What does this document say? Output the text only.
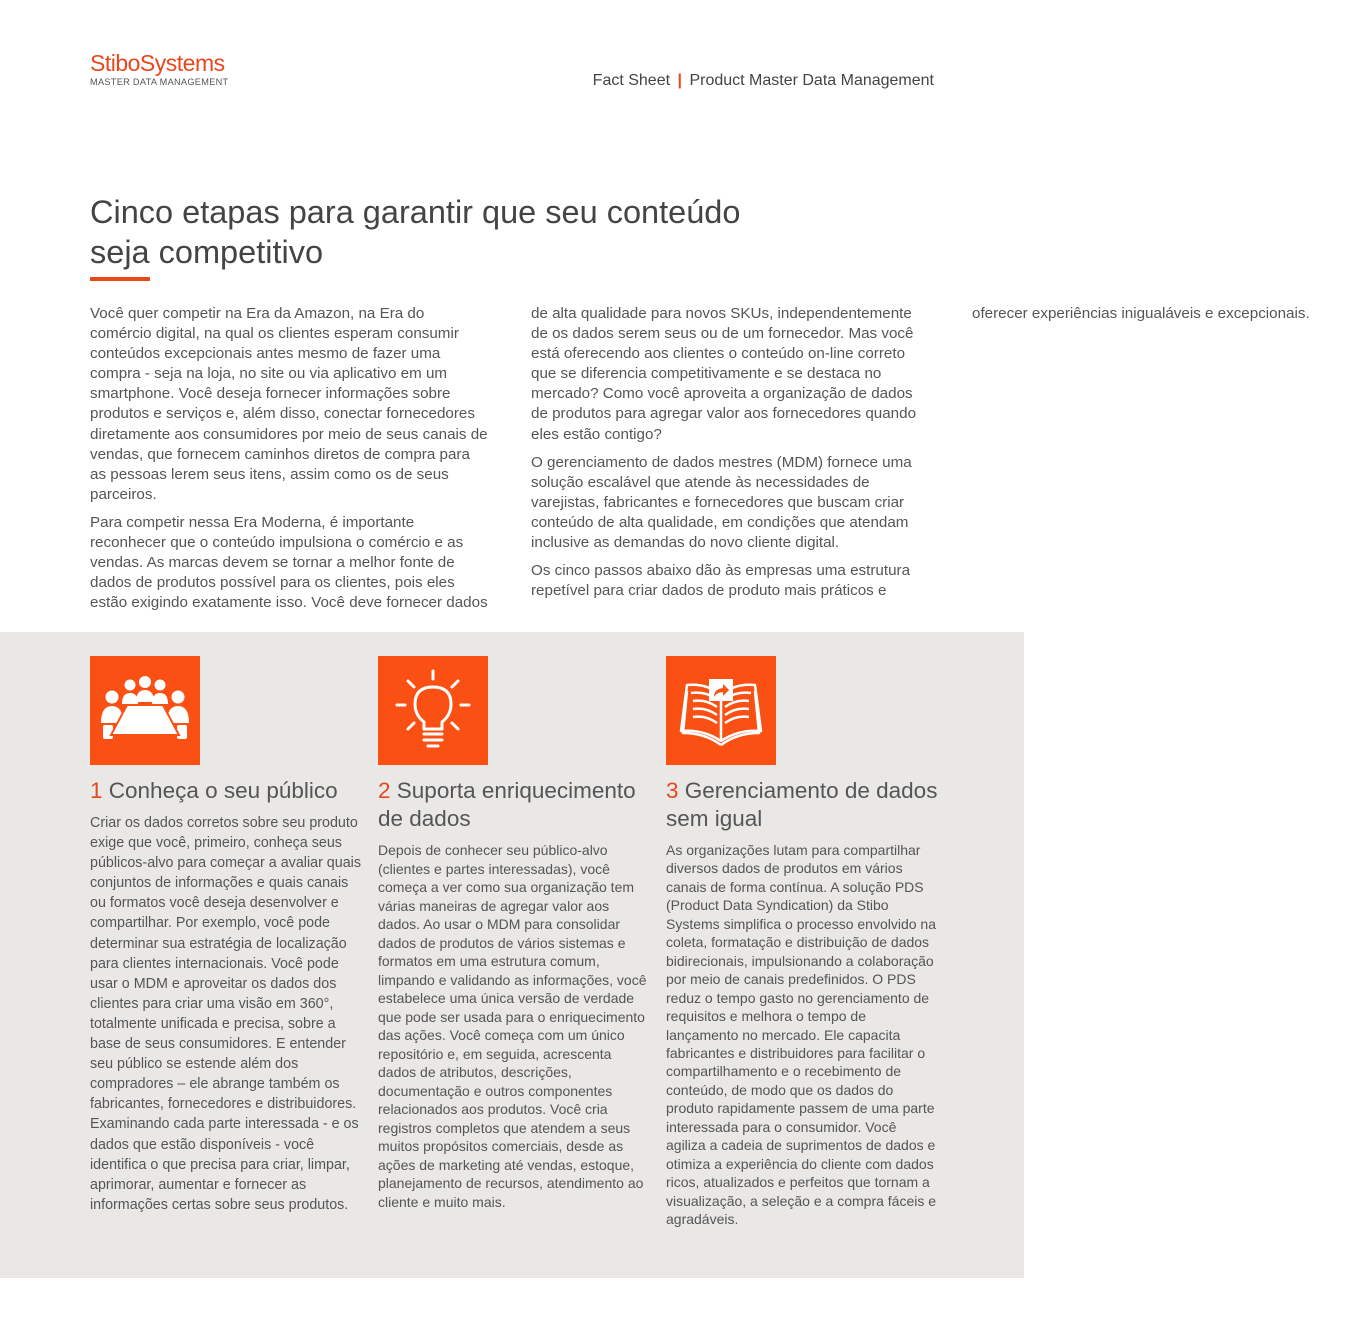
StiboSystems
MASTER DATA MANAGEMENT	Fact Sheet | Product Master Data Management
Cinco etapas para garantir que seu conteúdo
seja competitivo

Você quer competir na Era da Amazon, na Era do comércio digital, na qual os clientes esperam consumir conteúdos excepcionais antes mesmo de fazer uma compra - seja na loja, no site ou via aplicativo em um smartphone. Você deseja fornecer informações sobre produtos e serviços e, além disso, conectar fornecedores diretamente aos consumidores por meio de seus canais de vendas, que fornecem caminhos diretos de compra para as pessoas lerem seus itens, assim como os de seus parceiros.

Para competir nessa Era Moderna, é importante reconhecer que o conteúdo impulsiona o comércio e as vendas. As marcas devem se tornar a melhor fonte de dados de produtos possível para os clientes, pois eles estão exigindo exatamente isso. Você deve fornecer dados de alta qualidade para novos SKUs, independentemente de os dados serem seus ou de um fornecedor. Mas você está oferecendo aos clientes o conteúdo on-line correto que se diferencia competitivamente e se destaca no mercado? Como você aproveita a organização de dados de produtos para agregar valor aos fornecedores quando eles estão contigo?

O gerenciamento de dados mestres (MDM) fornece uma solução escalável que atende às necessidades de varejistas, fabricantes e fornecedores que buscam criar conteúdo de alta qualidade, em condições que atendam inclusive as demandas do novo cliente digital.

Os cinco passos abaixo dão às empresas uma estrutura repetível para criar dados de produto mais práticos e oferecer experiências inigualáveis e excepcionais.

1 Conheça o seu público
Criar os dados corretos sobre seu produto exige que você, primeiro, conheça seus públicos-alvo para começar a avaliar quais conjuntos de informações e quais canais ou formatos você deseja desenvolver e compartilhar. Por exemplo, você pode determinar sua estratégia de localização para clientes internacionais. Você pode usar o MDM e aproveitar os dados dos clientes para criar uma visão em 360°, totalmente unificada e precisa, sobre a base de seus consumidores. E entender seu público se estende além dos compradores – ele abrange também os fabricantes, fornecedores e distribuidores. Examinando cada parte interessada - e os dados que estão disponíveis - você identifica o que precisa para criar, limpar, aprimorar, aumentar e fornecer as informações certas sobre seus produtos.
2 Suporta enriquecimento de dados
Depois de conhecer seu público-alvo (clientes e partes interessadas), você começa a ver como sua organização tem várias maneiras de agregar valor aos dados. Ao usar o MDM para consolidar dados de produtos de vários sistemas e formatos em uma estrutura comum, limpando e validando as informações, você estabelece uma única versão de verdade que pode ser usada para o enriquecimento das ações. Você começa com um único repositório e, em seguida, acrescenta dados de atributos, descrições, documentação e outros componentes relacionados aos produtos. Você cria registros completos que atendem a seus muitos propósitos comerciais, desde as ações de marketing até vendas, estoque, planejamento de recursos, atendimento ao cliente e muito mais.
3 Gerenciamento de dados sem igual
As organizações lutam para compartilhar diversos dados de produtos em vários canais de forma contínua. A solução PDS (Product Data Syndication) da Stibo Systems simplifica o processo envolvido na coleta, formatação e distribuição de dados bidirecionais, impulsionando a colaboração por meio de canais predefinidos. O PDS reduz o tempo gasto no gerenciamento de requisitos e melhora o tempo de lançamento no mercado. Ele capacita fabricantes e distribuidores para facilitar o compartilhamento e o recebimento de conteúdo, de modo que os dados do produto rapidamente passem de uma parte interessada para o consumidor. Você agiliza a cadeia de suprimentos de dados e otimiza a experiência do cliente com dados ricos, atualizados e perfeitos que tornam a visualização, a seleção e a compra fáceis e agradáveis.
